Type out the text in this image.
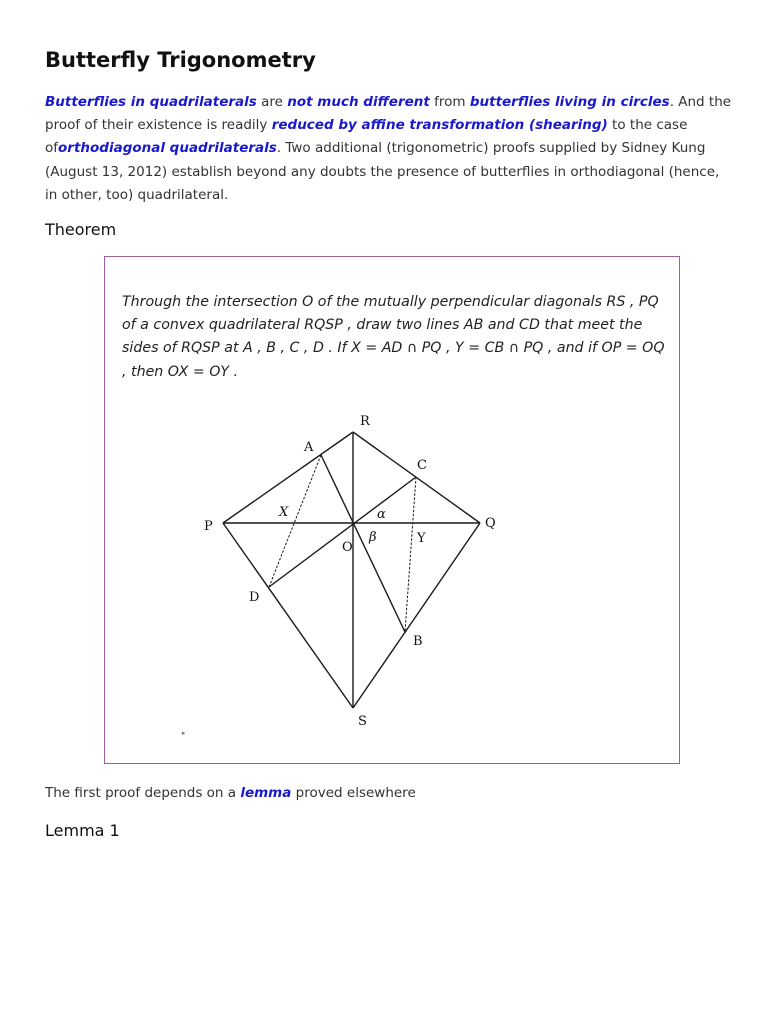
Butterfly Trigonometry

Butterflies in quadrilaterals are not much different from butterflies living in circles. And the proof of their existence is readily reduced by affine transformation (shearing) to the case oforthodiagonal quadrilaterals. Two additional (trigonometric) proofs supplied by Sidney Kung (August 13, 2012) establish beyond any doubts the presence of butterflies in orthodiagonal (hence, in other, too) quadrilateral.

Theorem

Through the intersection O of the mutually perpendicular diagonals RS , PQ of a convex quadrilateral RQSP , draw two lines AB and CD that meet the sides of RQSP at A , B , C , D . If X = AD ∩ PQ , Y = CB ∩ PQ , and if OP = OQ , then OX = OY .

R
A
C
P	Q
X	α
O
β	Y
D
B
S
"

The first proof depends on a lemma proved elsewhere

Lemma 1
